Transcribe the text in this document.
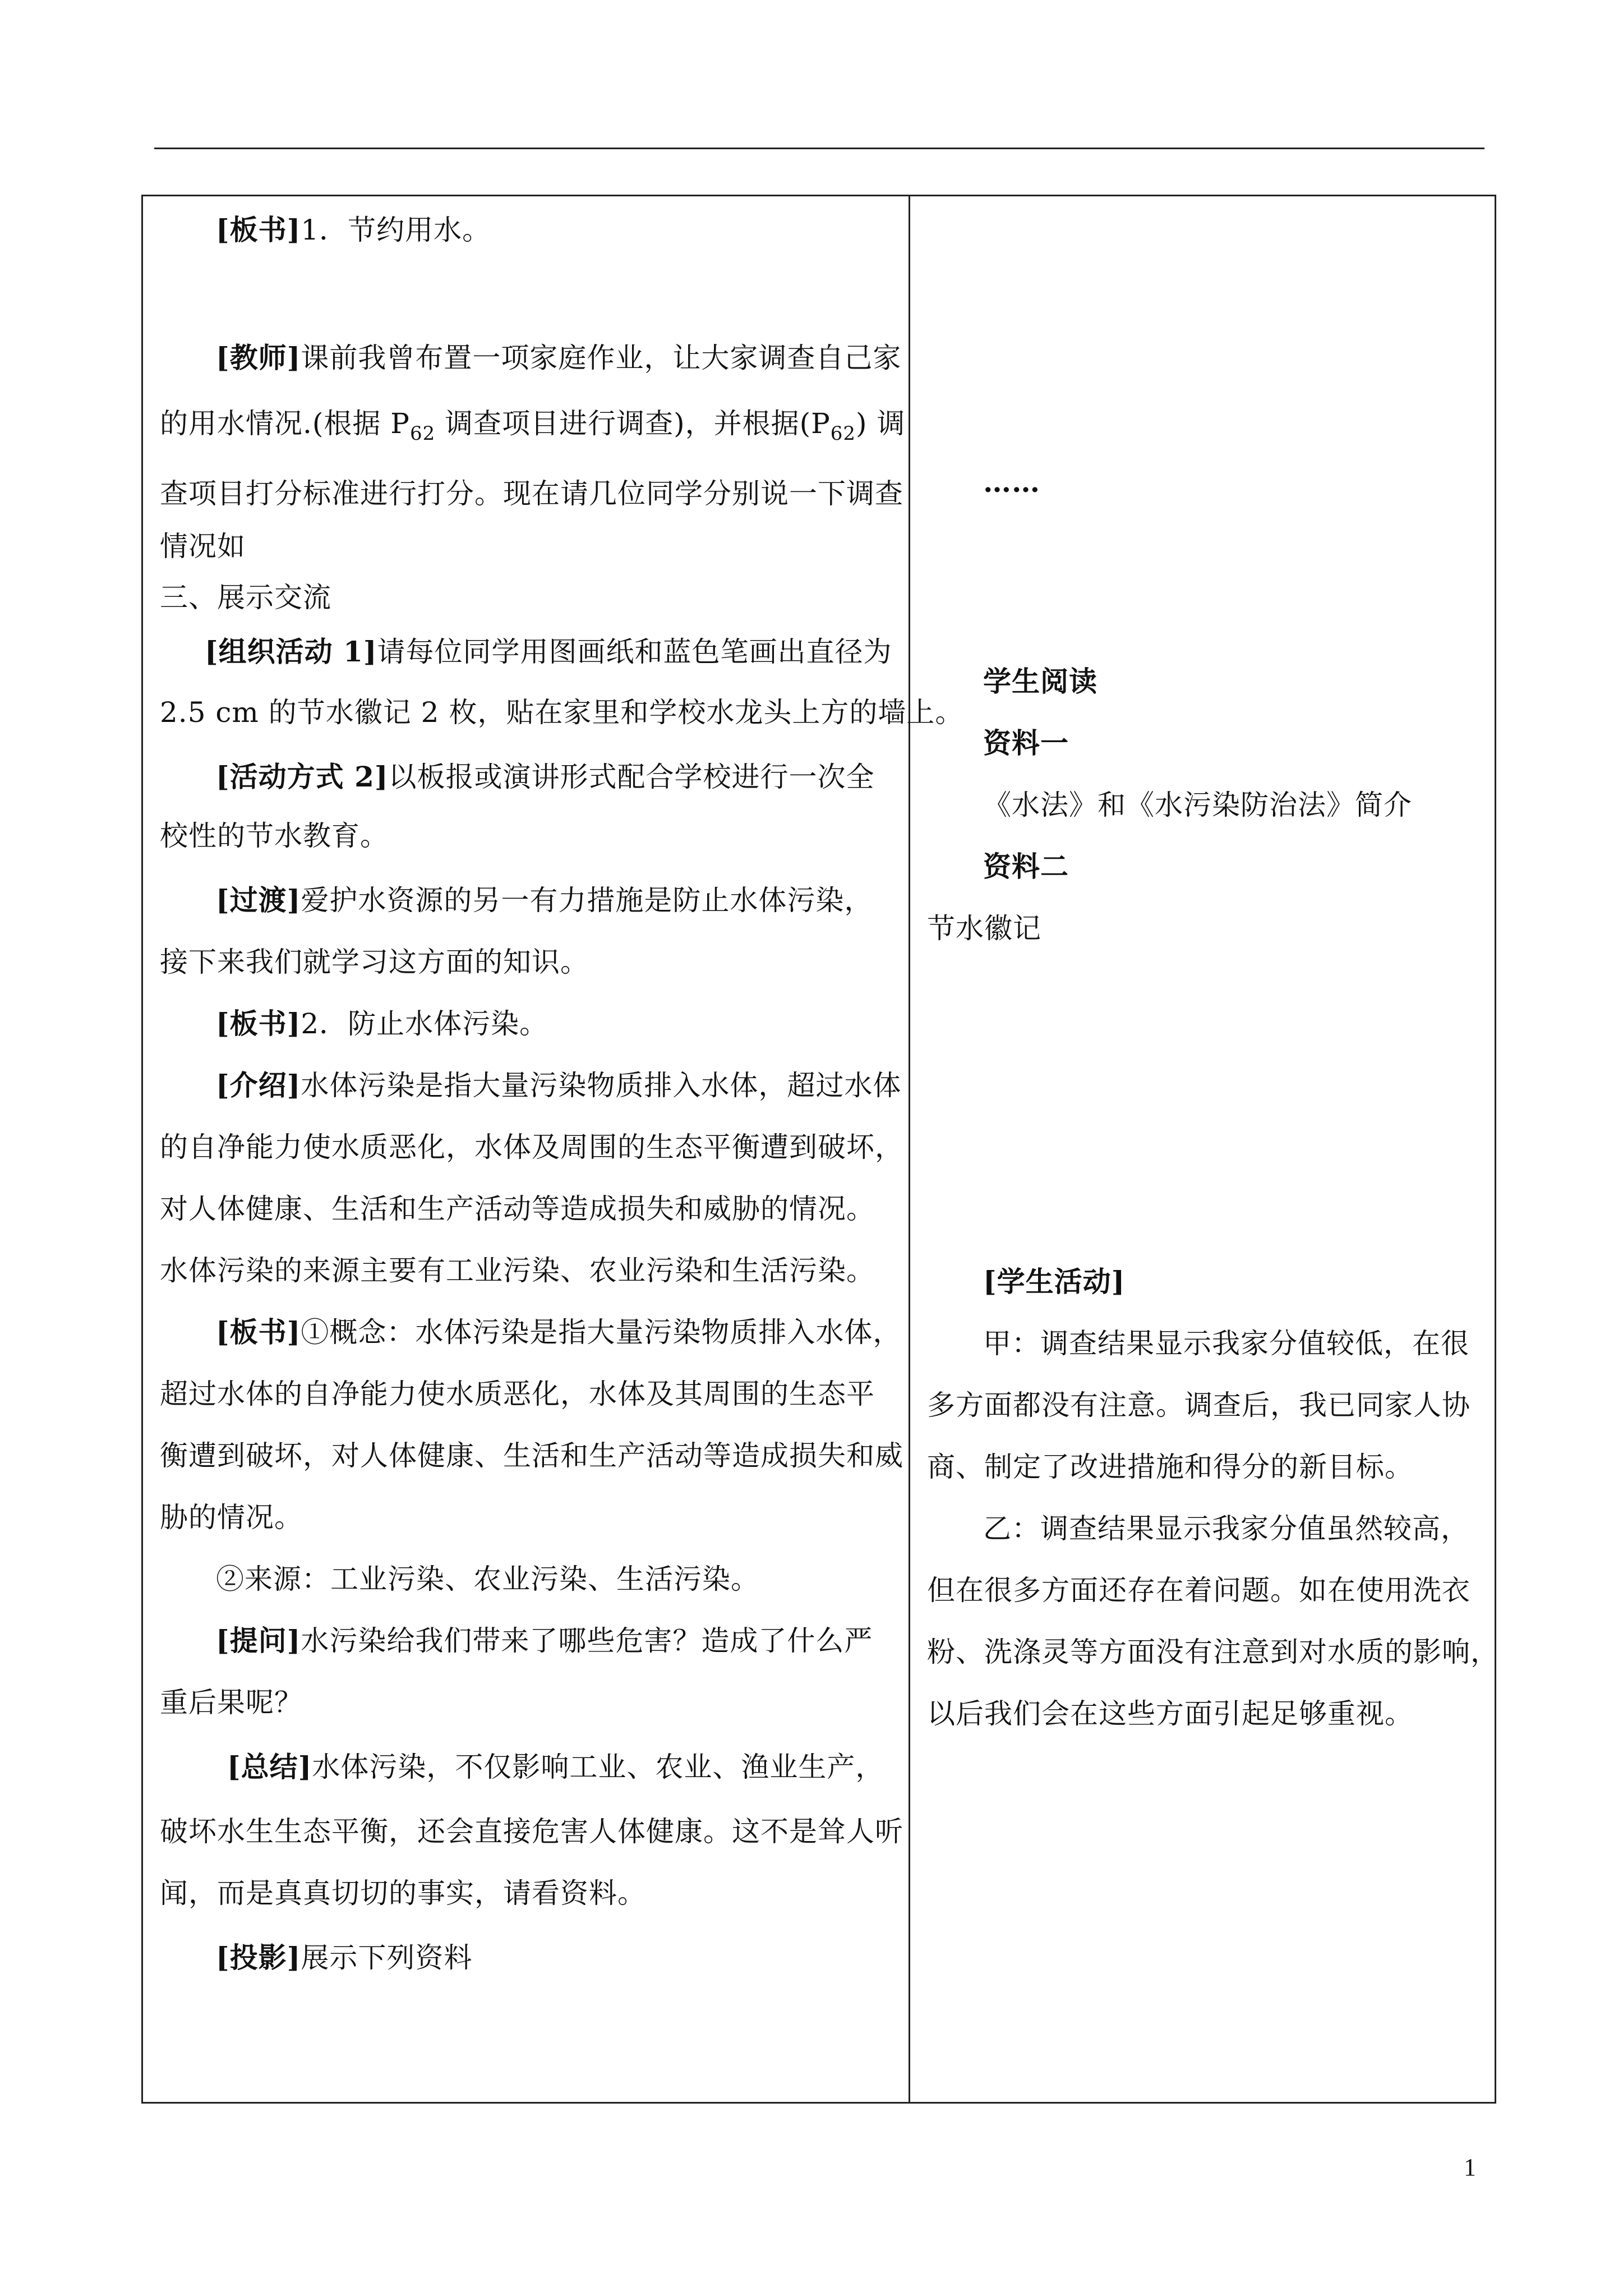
[板书]1．节约用水。
[教师]课前我曾布置一项家庭作业，让大家调查自己家
的用水情况.(根据 $P_{62}$ 调查项目进行调查)，并根据$(P_{62})$ 调
查项目打分标准进行打分。现在请几位同学分别说一下调查
情况如
三、展示交流
[组织活动 1]请每位同学用图画纸和蓝色笔画出直径为
2.5 cm 的节水徽记 2 枚，贴在家里和学校水龙头上方的墙上。
[活动方式 2]以板报或演讲形式配合学校进行一次全
校性的节水教育。
[过渡]爱护水资源的另一有力措施是防止水体污染，
接下来我们就学习这方面的知识。
[板书]2．防止水体污染。
[介绍]水体污染是指大量污染物质排入水体，超过水体
的自净能力使水质恶化，水体及周围的生态平衡遭到破坏，
对人体健康、生活和生产活动等造成损失和威胁的情况。
水体污染的来源主要有工业污染、农业污染和生活污染。
[板书]①概念：水体污染是指大量污染物质排入水体，
超过水体的自净能力使水质恶化，水体及其周围的生态平
衡遭到破坏，对人体健康、生活和生产活动等造成损失和威
胁的情况。
②来源：工业污染、农业污染、生活污染。
[提问]水污染给我们带来了哪些危害？造成了什么严
重后果呢？
[总结]水体污染，不仅影响工业、农业、渔业生产，
破坏水生生态平衡，还会直接危害人体健康。这不是耸人听
闻，而是真真切切的事实，请看资料。
[投影]展示下列资料
……
学生阅读
资料一
《水法》和《水污染防治法》简介
资料二
节水徽记
[学生活动]
甲：调查结果显示我家分值较低，在很
多方面都没有注意。调查后，我已同家人协
商、制定了改进措施和得分的新目标。
乙：调查结果显示我家分值虽然较高，
但在很多方面还存在着问题。如在使用洗衣
粉、洗涤灵等方面没有注意到对水质的影响，
以后我们会在这些方面引起足够重视。
1
